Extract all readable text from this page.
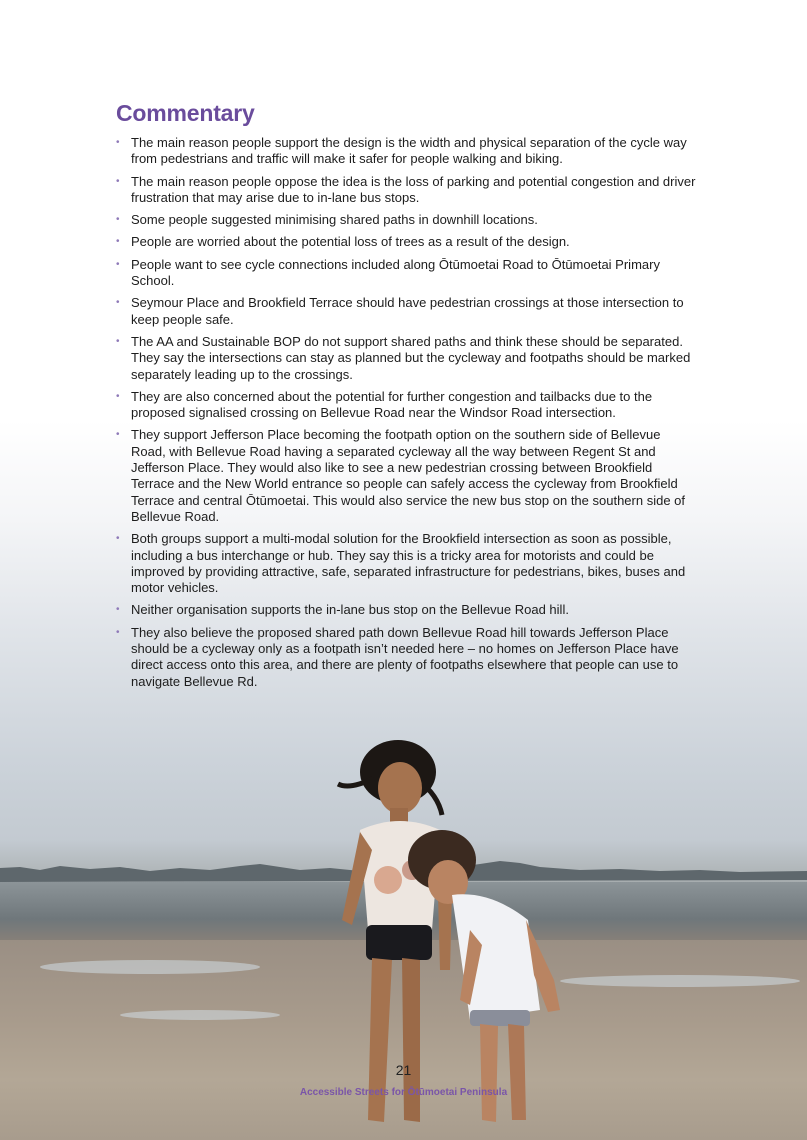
Commentary
• The main reason people support the design is the width and physical separation of the cycle way from pedestrians and traffic will make it safer for people walking and biking.
• The main reason people oppose the idea is the loss of parking and potential congestion and driver frustration that may arise due to in-lane bus stops.
• Some people suggested minimising shared paths in downhill locations.
• People are worried about the potential loss of trees as a result of the design.
• People want to see cycle connections included along Ōtūmoetai Road to Ōtūmoetai Primary School.
• Seymour Place and Brookfield Terrace should have pedestrian crossings at those intersection to keep people safe.
• The AA and Sustainable BOP do not support shared paths and think these should be separated. They say the intersections can stay as planned but the cycleway and footpaths should be marked separately leading up to the crossings.
• They are also concerned about the potential for further congestion and tailbacks due to the proposed signalised crossing on Bellevue Road near the Windsor Road intersection.
• They support Jefferson Place becoming the footpath option on the southern side of Bellevue Road, with Bellevue Road having a separated cycleway all the way between Regent St and Jefferson Place. They would also like to see a new pedestrian crossing between Brookfield Terrace and the New World entrance so people can safely access the cycleway from Brookfield Terrace and central Ōtūmoetai. This would also service the new bus stop on the southern side of Bellevue Road.
• Both groups support a multi-modal solution for the Brookfield intersection as soon as possible, including a bus interchange or hub. They say this is a tricky area for motorists and could be improved by providing attractive, safe, separated infrastructure for pedestrians, bikes, buses and motor vehicles.
• Neither organisation supports the in-lane bus stop on the Bellevue Road hill.
• They also believe the proposed shared path down Bellevue Road hill towards Jefferson Place should be a cycleway only as a footpath isn’t needed here – no homes on Jefferson Place have direct access onto this area, and there are plenty of footpaths elsewhere that people can use to navigate Bellevue Rd.
21
Accessible Streets for Ōtūmoetai Peninsula
